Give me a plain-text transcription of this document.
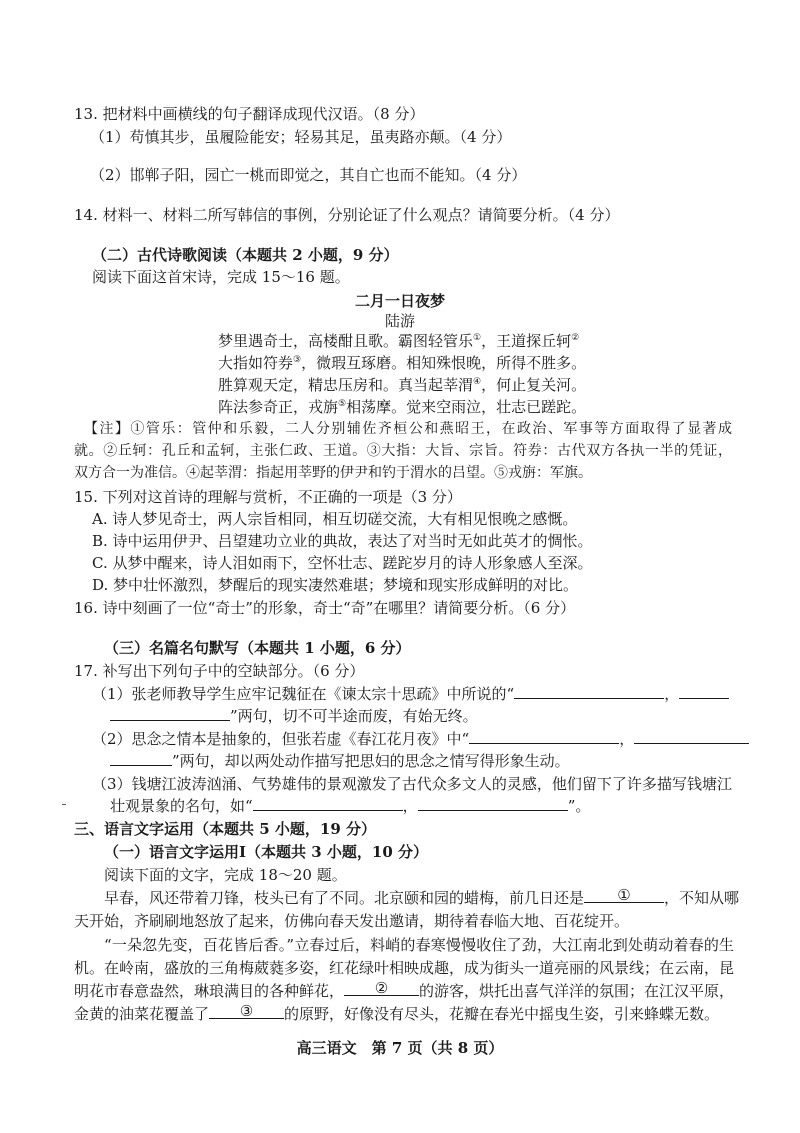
13. 把材料中画横线的句子翻译成现代汉语。（8 分）
（1）苟慎其步，虽履险能安；轻易其足，虽夷路亦颠。（4 分）
（2）邯郸子阳，园亡一桃而即觉之，其自亡也而不能知。（4 分）
14. 材料一、材料二所写韩信的事例，分别论证了什么观点？请简要分析。（4 分）
（二）古代诗歌阅读（本题共 2 小题，9 分）
阅读下面这首宋诗，完成 15～16 题。
二月一日夜梦
陆游
梦里遇奇士，高楼酣且歌。霸图轻管乐①，王道探丘轲②
大指如符券③，微瑕互琢磨。相知殊恨晚，所得不胜多。
胜算观天定，精忠压房和。真当起莘渭④，何止复关河。
阵法参奇正，戎旃⑤相荡摩。觉来空雨泣，壮志已蹉跎。
【注】①管乐：管仲和乐毅，二人分别辅佐齐桓公和燕昭王，在政治、军事等方面取得了显著成
就。②丘轲：孔丘和孟轲，主张仁政、王道。③大指：大旨、宗旨。符券：古代双方各执一半的凭证，
双方合一为准信。④起莘渭：指起用莘野的伊尹和钓于渭水的吕望。⑤戎旃：军旗。
15. 下列对这首诗的理解与赏析，不正确的一项是（3 分）
A. 诗人梦见奇士，两人宗旨相同，相互切磋交流，大有相见恨晚之感慨。
B. 诗中运用伊尹、吕望建功立业的典故，表达了对当时无如此英才的惆怅。
C. 从梦中醒来，诗人泪如雨下，空怀壮志、蹉跎岁月的诗人形象感人至深。
D. 梦中壮怀激烈，梦醒后的现实凄然难堪；梦境和现实形成鲜明的对比。
16. 诗中刻画了一位“奇士”的形象，奇士“奇”在哪里？请简要分析。（6 分）
（三）名篇名句默写（本题共 1 小题，6 分）
17. 补写出下列句子中的空缺部分。（6 分）
（1）张老师教导学生应牢记魏征在《谏太宗十思疏》中所说的“	，
”两句，切不可半途而废，有始无终。
（2）思念之情本是抽象的，但张若虚《春江花月夜》中“	，
”两句，却以两处动作描写把思妇的思念之情写得形象生动。
（3）钱塘江波涛汹涌、气势雄伟的景观激发了古代众多文人的灵感，他们留下了许多描写钱塘江
壮观景象的名句，如“	，	”。
三、语言文字运用（本题共 5 小题，19 分）
（一）语言文字运用Ⅰ（本题共 3 小题，10 分）
阅读下面的文字，完成 18～20 题。
早春，风还带着刀锋，枝头已有了不同。北京颐和园的蜡梅，前几日还是	①	，不知从哪
天开始，齐刷刷地怒放了起来，仿佛向春天发出邀请，期待着春临大地、百花绽开。
“一朵忽先变，百花皆后香。”立春过后，料峭的春寒慢慢收住了劲，大江南北到处萌动着春的生
机。在岭南，盛放的三角梅葳蕤多姿，红花绿叶相映成趣，成为街头一道亮丽的风景线；在云南，昆
明花市春意盎然，琳琅满目的各种鲜花，	②	的游客，烘托出喜气洋洋的氛围；在江汉平原，
金黄的油菜花覆盖了	③	的原野，好像没有尽头，花瓣在春光中摇曳生姿，引来蜂蝶无数。
高三语文　第 7 页（共 8 页）
